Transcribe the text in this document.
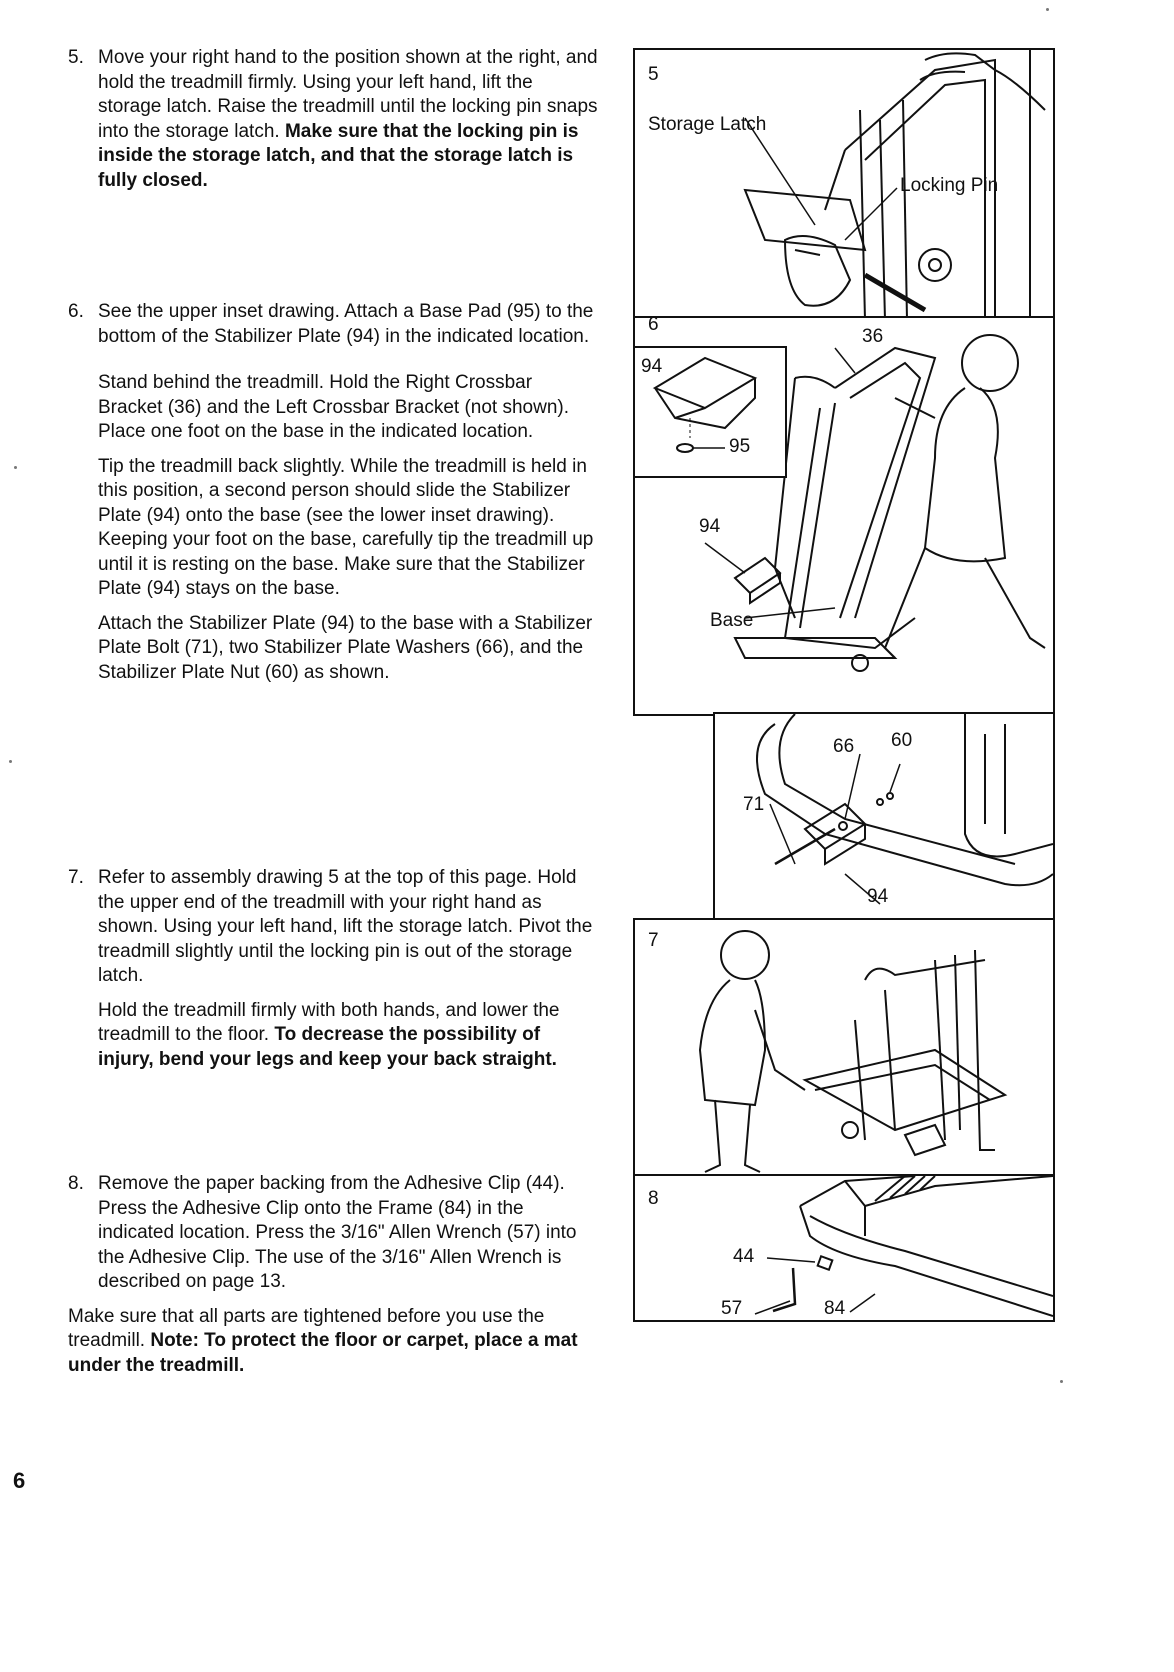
5. Move your right hand to the position shown at the right, and hold the treadmill firmly. Using your left hand, lift the storage latch. Raise the treadmill until the locking pin snaps into the storage latch. Make sure that the locking pin is inside the storage latch, and that the storage latch is fully closed.

6. See the upper inset drawing. Attach a Base Pad (95) to the bottom of the Stabilizer Plate (94) in the indicated location.

Stand behind the treadmill. Hold the Right Crossbar Bracket (36) and the Left Crossbar Bracket (not shown). Place one foot on the base in the indicated location.

Tip the treadmill back slightly. While the treadmill is held in this position, a second person should slide the Stabilizer Plate (94) onto the base (see the lower inset drawing). Keeping your foot on the base, carefully tip the treadmill up until it is resting on the base. Make sure that the Stabilizer Plate (94) stays on the base.

Attach the Stabilizer Plate (94) to the base with a Stabilizer Plate Bolt (71), two Stabilizer Plate Washers (66), and the Stabilizer Plate Nut (60) as shown.

7. Refer to assembly drawing 5 at the top of this page. Hold the upper end of the treadmill with your right hand as shown. Using your left hand, lift the storage latch. Pivot the treadmill slightly until the locking pin is out of the storage latch.

Hold the treadmill firmly with both hands, and lower the treadmill to the floor. To decrease the possibility of injury, bend your legs and keep your back straight.

8. Remove the paper backing from the Adhesive Clip (44). Press the Adhesive Clip onto the Frame (84) in the indicated location. Press the 3/16" Allen Wrench (57) into the Adhesive Clip. The use of the 3/16" Allen Wrench is described on page 13.

Make sure that all parts are tightened before you use the treadmill. Note: To protect the floor or carpet, place a mat under the treadmill.

6
5
Storage Latch
Locking Pin
6
36
94
Base
94
95
66 60
71
94
7
8
44
57	84
